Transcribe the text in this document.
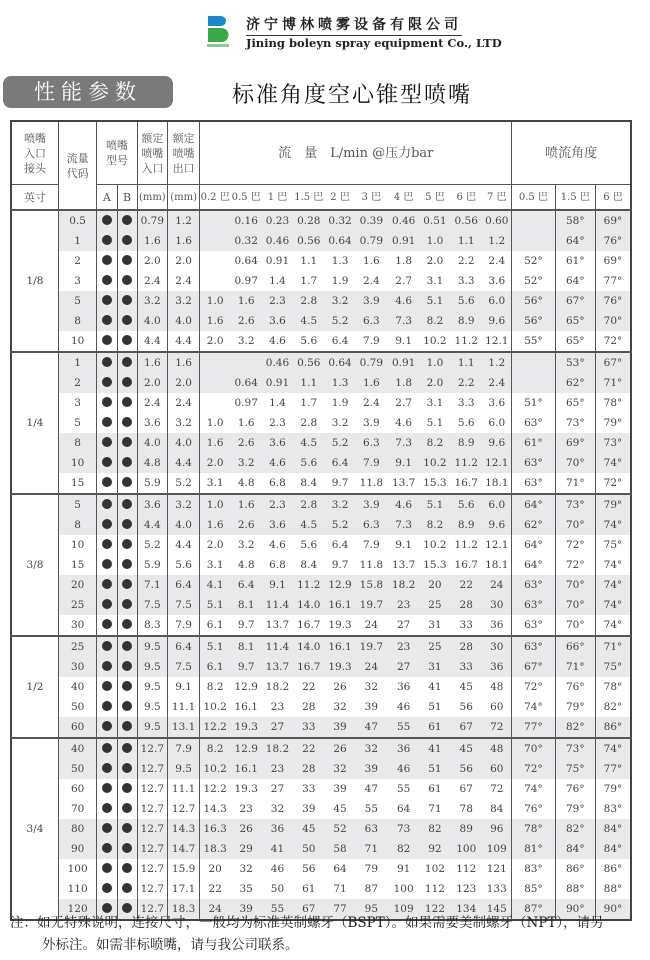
济宁博林喷雾设备有限公司
Jining boleyn spray equipment Co., LTD
性能参数	标准角度空心锥型喷嘴
喷嘴入口接头	流量代码	喷嘴型号		额定喷嘴入口	额定喷嘴出口	流　量　L/min @压力bar										喷流角度		
英寸		A	B	(mm)	(mm)	0.2 巴	0.5 巴	1 巴	1.5 巴	2 巴	3 巴	4 巴	5 巴	6 巴	7 巴	0.5 巴	1.5 巴	6 巴
1/8	0.5			0.79	1.2		0.16	0.23	0.28	0.32	0.39	0.46	0.51	0.56	0.60		58°	69°
	1			1.6	1.6		0.32	0.46	0.56	0.64	0.79	0.91	1.0	1.1	1.2		64°	76°
	2			2.0	2.0		0.64	0.91	1.1	1.3	1.6	1.8	2.0	2.2	2.4	52°	61°	69°
	3			2.4	2.4		0.97	1.4	1.7	1.9	2.4	2.7	3.1	3.3	3.6	52°	64°	77°
	5			3.2	3.2	1.0	1.6	2.3	2.8	3.2	3.9	4.6	5.1	5.6	6.0	56°	67°	76°
	8			4.0	4.0	1.6	2.6	3.6	4.5	5.2	6.3	7.3	8.2	8.9	9.6	56°	65°	70°
	10			4.4	4.4	2.0	3.2	4.6	5.6	6.4	7.9	9.1	10.2	11.2	12.1	55°	65°	72°
1/4	1			1.6	1.6			0.46	0.56	0.64	0.79	0.91	1.0	1.1	1.2		53°	67°
	2			2.0	2.0		0.64	0.91	1.1	1.3	1.6	1.8	2.0	2.2	2.4		62°	71°
	3			2.4	2.4		0.97	1.4	1.7	1.9	2.4	2.7	3.1	3.3	3.6	51°	65°	78°
	5			3.6	3.2	1.0	1.6	2.3	2.8	3.2	3.9	4.6	5.1	5.6	6.0	63°	73°	79°
	8			4.0	4.0	1.6	2.6	3.6	4.5	5.2	6.3	7.3	8.2	8.9	9.6	61°	69°	73°
	10			4.8	4.4	2.0	3.2	4.6	5.6	6.4	7.9	9.1	10.2	11.2	12.1	63°	70°	74°
	15			5.9	5.2	3.1	4.8	6.8	8.4	9.7	11.8	13.7	15.3	16.7	18.1	63°	71°	72°
3/8	5			3.6	3.2	1.0	1.6	2.3	2.8	3.2	3.9	4.6	5.1	5.6	6.0	64°	73°	79°
	8			4.4	4.0	1.6	2.6	3.6	4.5	5.2	6.3	7.3	8.2	8.9	9.6	62°	70°	74°
	10			5.2	4.4	2.0	3.2	4.6	5.6	6.4	7.9	9.1	10.2	11.2	12.1	64°	72°	75°
	15			5.9	5.6	3.1	4.8	6.8	8.4	9.7	11.8	13.7	15.3	16.7	18.1	64°	72°	74°
	20			7.1	6.4	4.1	6.4	9.1	11.2	12.9	15.8	18.2	20	22	24	63°	70°	74°
	25			7.5	7.5	5.1	8.1	11.4	14.0	16.1	19.7	23	25	28	30	63°	70°	74°
	30			8.3	7.9	6.1	9.7	13.7	16.7	19.3	24	27	31	33	36	63°	70°	74°
1/2	25			9.5	6.4	5.1	8.1	11.4	14.0	16.1	19.7	23	25	28	30	63°	66°	71°
	30			9.5	7.5	6.1	9.7	13.7	16.7	19.3	24	27	31	33	36	67°	71°	75°
	40			9.5	9.1	8.2	12.9	18.2	22	26	32	36	41	45	48	72°	76°	78°
	50			9.5	11.1	10.2	16.1	23	28	32	39	46	51	56	60	74°	79°	82°
	60			9.5	13.1	12.2	19.3	27	33	39	47	55	61	67	72	77°	82°	86°
3/4	40			12.7	7.9	8.2	12.9	18.2	22	26	32	36	41	45	48	70°	73°	74°
	50			12.7	9.5	10.2	16.1	23	28	32	39	46	51	56	60	72°	75°	77°
	60			12.7	11.1	12.2	19.3	27	33	39	47	55	61	67	72	74°	76°	79°
	70			12.7	12.7	14.3	23	32	39	45	55	64	71	78	84	76°	79°	83°
	80			12.7	14.3	16.3	26	36	45	52	63	73	82	89	96	78°	82°	84°
	90			12.7	14.7	18.3	29	41	50	58	71	82	92	100	109	81°	84°	84°
	100			12.7	15.9	20	32	46	56	64	79	91	102	112	121	83°	86°	86°
	110			12.7	17.1	22	35	50	61	71	87	100	112	123	133	85°	88°	88°
	120			12.7	18.3	24	39	55	67	77	95	109	122	134	145	87°	90°	90°
注：如无特殊说明，连接尺寸，一般均为标准英制螺牙（BSPT）。如果需要美制螺牙（NPT），请另
外标注。如需非标喷嘴，请与我公司联系。
